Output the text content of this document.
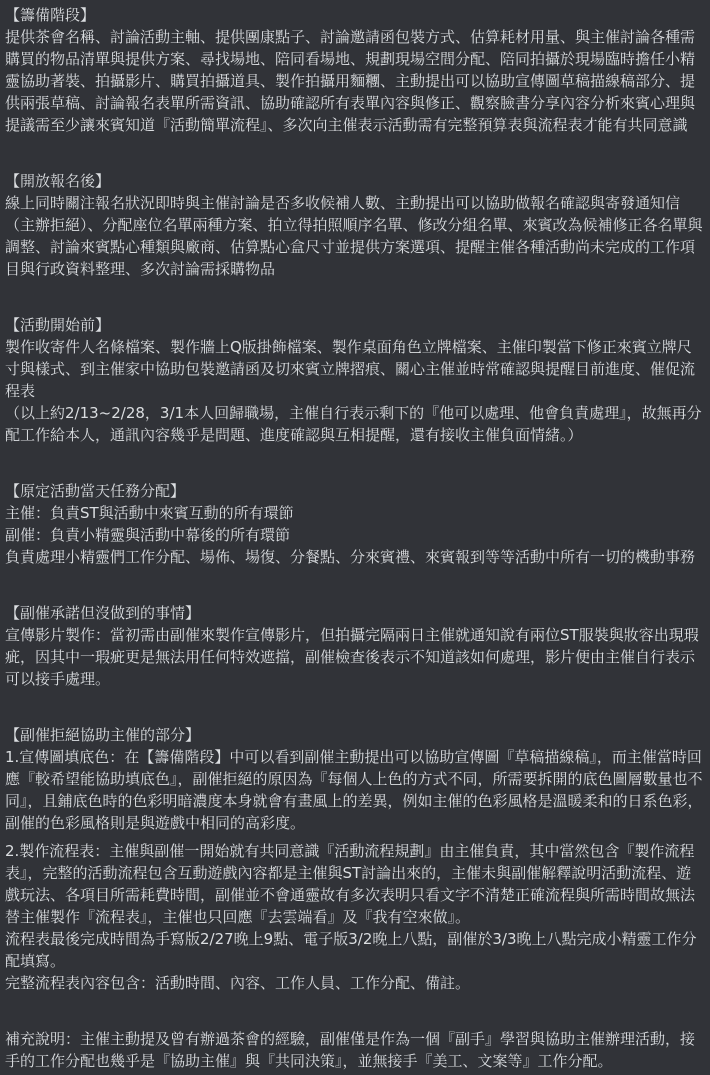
【籌備階段】
提供茶會名稱、討論活動主軸、提供團康點子、討論邀請函包裝方式、估算耗材用量、與主催討論各種需購買的物品清單與提供方案、尋找場地、陪同看場地、規劃現場空間分配、陪同拍攝於現場臨時擔任小精靈協助著裝、拍攝影片、購買拍攝道具、製作拍攝用麵糰、主動提出可以協助宣傳圖草稿描線稿部分、提供兩張草稿、討論報名表單所需資訊、協助確認所有表單內容與修正、觀察臉書分享內容分析來賓心理與提議需至少讓來賓知道『活動簡單流程』、多次向主催表示活動需有完整預算表與流程表才能有共同意識
【開放報名後】
線上同時關注報名狀況即時與主催討論是否多收候補人數、主動提出可以協助做報名確認與寄發通知信（主辦拒絕）、分配座位名單兩種方案、拍立得拍照順序名單、修改分組名單、來賓改為候補修正各名單與調整、討論來賓點心種類與廠商、估算點心盒尺寸並提供方案選項、提醒主催各種活動尚未完成的工作項目與行政資料整理、多次討論需採購物品
【活動開始前】
製作收寄件人名條檔案、製作牆上Q版掛飾檔案、製作桌面角色立牌檔案、主催印製當下修正來賓立牌尺寸與樣式、到主催家中協助包裝邀請函及切來賓立牌摺痕、關心主催並時常確認與提醒目前進度、催促流程表
（以上約2/13~2/28，3/1本人回歸職場，主催自行表示剩下的『他可以處理、他會負責處理』，故無再分配工作給本人，通訊內容幾乎是問題、進度確認與互相提醒，還有接收主催負面情緒。）
【原定活動當天任務分配】
主催：負責ST與活動中來賓互動的所有環節
副催：負責小精靈與活動中幕後的所有環節
負責處理小精靈們工作分配、場佈、場復、分餐點、分來賓禮、來賓報到等等活動中所有一切的機動事務
【副催承諾但沒做到的事情】
宣傳影片製作：當初需由副催來製作宣傳影片，但拍攝完隔兩日主催就通知說有兩位ST服裝與妝容出現瑕疵，因其中一瑕疵更是無法用任何特效遮擋，副催檢查後表示不知道該如何處理，影片便由主催自行表示可以接手處理。
【副催拒絕協助主催的部分】
1.宣傳圖填底色：在【籌備階段】中可以看到副催主動提出可以協助宣傳圖『草稿描線稿』，而主催當時回應『較希望能協助填底色』，副催拒絕的原因為『每個人上色的方式不同，所需要拆開的底色圖層數量也不同』，且鋪底色時的色彩明暗濃度本身就會有畫風上的差異，例如主催的色彩風格是溫暖柔和的日系色彩，副催的色彩風格則是與遊戲中相同的高彩度。
2.製作流程表：主催與副催一開始就有共同意識『活動流程規劃』由主催負責，其中當然包含『製作流程表』，完整的活動流程包含互動遊戲內容都是主催與ST討論出來的，主催未與副催解釋說明活動流程、遊戲玩法、各項目所需耗費時間，副催並不會通靈故有多次表明只看文字不清楚正確流程與所需時間故無法替主催製作『流程表』，主催也只回應『去雲端看』及『我有空來做』。
流程表最後完成時間為手寫版2/27晚上9點、電子版3/2晚上八點，副催於3/3晚上八點完成小精靈工作分配填寫。
完整流程表內容包含：活動時間、內容、工作人員、工作分配、備註。
補充說明：主催主動提及曾有辦過茶會的經驗，副催僅是作為一個『副手』學習與協助主催辦理活動，接手的工作分配也幾乎是『協助主催』與『共同決策』，並無接手『美工、文案等』工作分配。
